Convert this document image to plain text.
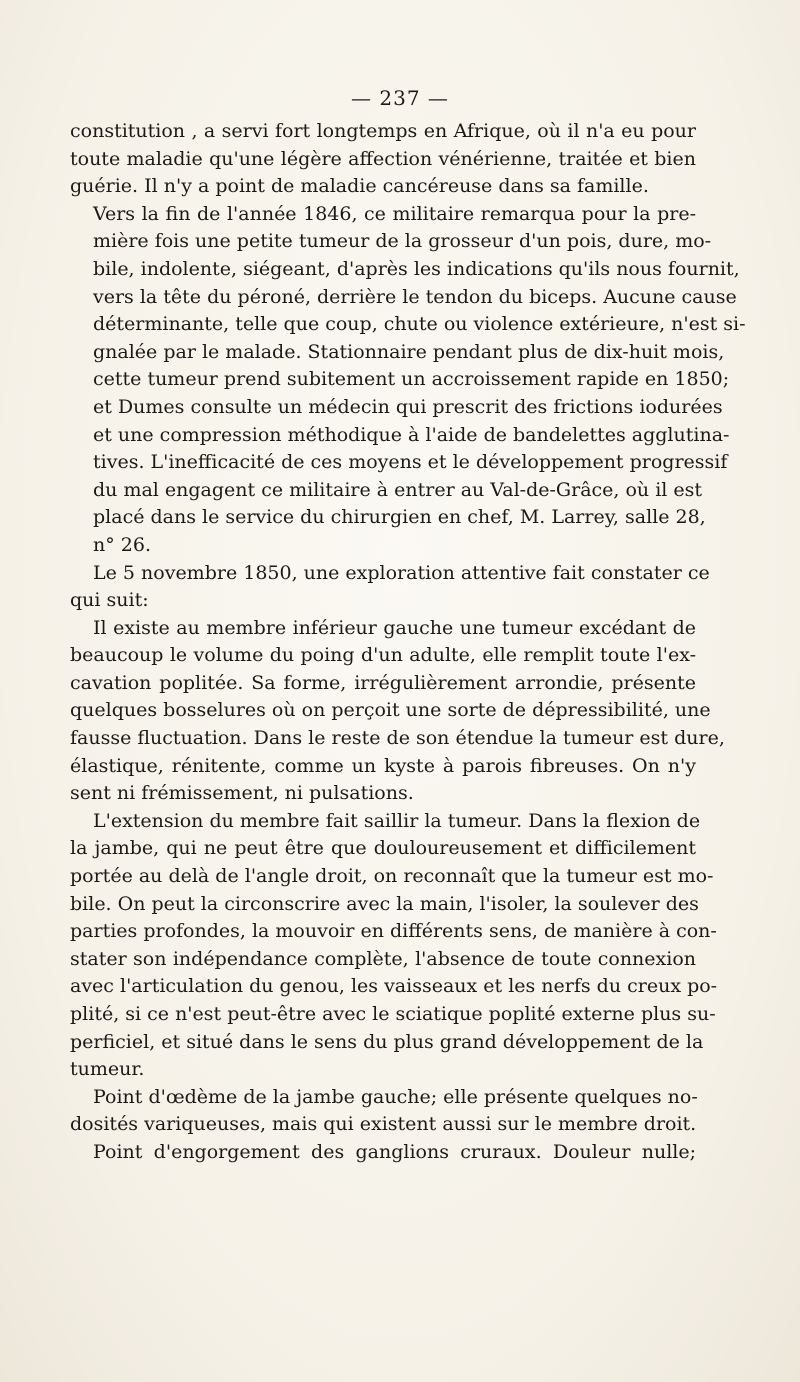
— 237 —

constitution , a servi fort longtemps en Afrique, où il n'a eu pour
toute maladie qu'une légère affection vénérienne, traitée et bien
guérie. Il n'y a point de maladie cancéreuse dans sa famille.

Vers la fin de l'année 1846, ce militaire remarqua pour la pre-
mière fois une petite tumeur de la grosseur d'un pois, dure, mo-
bile, indolente, siégeant, d'après les indications qu'ils nous fournit,
vers la tête du péroné, derrière le tendon du biceps. Aucune cause
déterminante, telle que coup, chute ou violence extérieure, n'est si-
gnalée par le malade. Stationnaire pendant plus de dix-huit mois,
cette tumeur prend subitement un accroissement rapide en 1850;
et Dumes consulte un médecin qui prescrit des frictions iodurées
et une compression méthodique à l'aide de bandelettes agglutina-
tives. L'inefficacité de ces moyens et le développement progressif
du mal engagent ce militaire à entrer au Val-de-Grâce, où il est
placé dans le service du chirurgien en chef, M. Larrey, salle 28,
n° 26.

Le 5 novembre 1850, une exploration attentive fait constater ce
qui suit:

Il existe au membre inférieur gauche une tumeur excédant de
beaucoup le volume du poing d'un adulte, elle remplit toute l'ex-
cavation poplitée. Sa forme, irrégulièrement arrondie, présente
quelques bosselures où on perçoit une sorte de dépressibilité, une
fausse fluctuation. Dans le reste de son étendue la tumeur est dure,
élastique, rénitente, comme un kyste à parois fibreuses. On n'y
sent ni frémissement, ni pulsations.

L'extension du membre fait saillir la tumeur. Dans la flexion de
la jambe, qui ne peut être que douloureusement et difficilement
portée au delà de l'angle droit, on reconnaît que la tumeur est mo-
bile. On peut la circonscrire avec la main, l'isoler, la soulever des
parties profondes, la mouvoir en différents sens, de manière à con-
stater son indépendance complète, l'absence de toute connexion
avec l'articulation du genou, les vaisseaux et les nerfs du creux po-
plité, si ce n'est peut-être avec le sciatique poplité externe plus su-
perficiel, et situé dans le sens du plus grand développement de la
tumeur.

Point d'œdème de la jambe gauche; elle présente quelques no-
dosités variqueuses, mais qui existent aussi sur le membre droit.

Point d'engorgement des ganglions cruraux. Douleur nulle;
